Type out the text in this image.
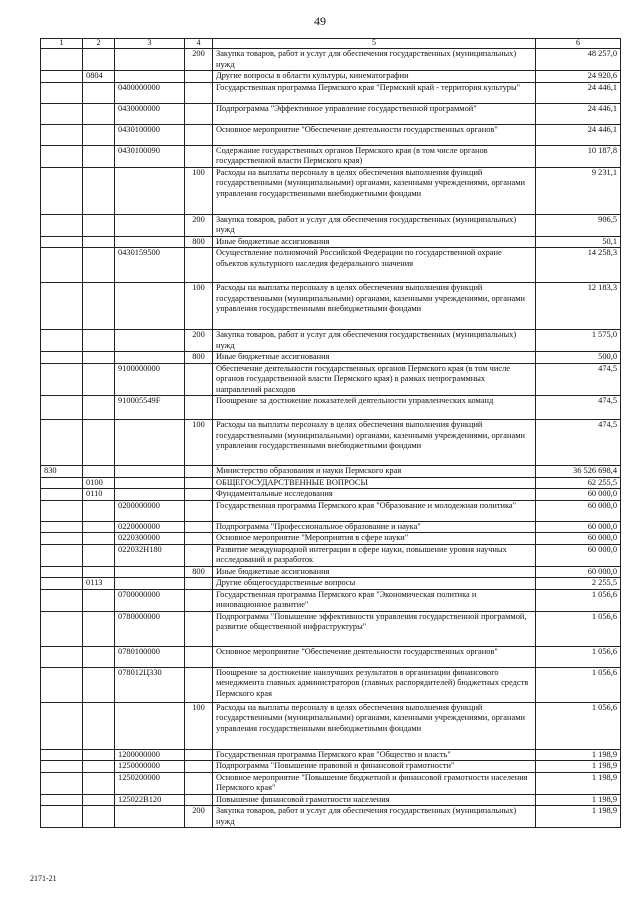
49
1	2	3	4	5	6
			200	Закупка товаров, работ и услуг для обеспечения государственных (муниципальных) нужд	48 257,0
	0804			Другие вопросы в области культуры, кинематографии	24 920,6
		0400000000		Государственная программа Пермского края "Пермский край - территория культуры"	24 446,1
		0430000000		Подпрограмма "Эффективное управление государственной программой"	24 446,1
		0430100000		Основное мероприятие "Обеспечение деятельности государственных органов"	24 446,1
		0430100090		Содержание государственных органов Пермского края (в том числе органов государственной власти Пермского края)	10 187,8
			100	Расходы на выплаты персоналу в целях обеспечения выполнения функций государственными (муниципальными) органами, казенными учреждениями, органами управления государственными внебюджетными фондами	9 231,1
			200	Закупка товаров, работ и услуг для обеспечения государственных (муниципальных) нужд	906,5
			800	Иные бюджетные ассигнования	50,1
		0430159500		Осуществление полномочий Российской Федерации по государственной охране объектов культурного наследия федерального значения	14 258,3
			100	Расходы на выплаты персоналу в целях обеспечения выполнения функций государственными (муниципальными) органами, казенными учреждениями, органами управления государственными внебюджетными фондами	12 183,3
			200	Закупка товаров, работ и услуг для обеспечения государственных (муниципальных) нужд	1 575,0
			800	Иные бюджетные ассигнования	500,0
		9100000000		Обеспечение деятельности государственных органов Пермского края (в том числе органов государственной власти Пермского края) в рамках непрограммных направлений расходов	474,5
		910005549F		Поощрение за достижение показателей деятельности управленческих команд	474,5
			100	Расходы на выплаты персоналу в целях обеспечения выполнения функций государственными (муниципальными) органами, казенными учреждениями, органами управления государственными внебюджетными фондами	474,5
830				Министерство образования и науки Пермского края	36 526 698,4
	0100			ОБЩЕГОСУДАРСТВЕННЫЕ ВОПРОСЫ	62 255,5
	0110			Фундаментальные исследования	60 000,0
		0200000000		Государственная программа Пермского края "Образование и молодежная политика"	60 000,0
		0220000000		Подпрограмма "Профессиональное образование и наука"	60 000,0
		0220300000		Основное мероприятие "Мероприятия в сфере науки"	60 000,0
		022032H180		Развитие международной интеграции в сфере науки, повышение уровня научных исследований и разработок	60 000,0
			800	Иные бюджетные ассигнования	60 000,0
	0113			Другие общегосударственные вопросы	2 255,5
		0700000000		Государственная программа Пермского края "Экономическая политика и инновационное развитие"	1 056,6
		0780000000		Подпрограмма "Повышение эффективности управления государственной программой, развитие общественной инфраструктуры"	1 056,6
		0780100000		Основное мероприятие "Обеспечение деятельности государственных органов"	1 056,6
		078012Ц330		Поощрение за достижение наилучших результатов в организации финансового менеджмента главных администраторов (главных распорядителей) бюджетных средств Пермского края	1 056,6
			100	Расходы на выплаты персоналу в целях обеспечения выполнения функций государственными (муниципальными) органами, казенными учреждениями, органами управления государственными внебюджетными фондами	1 056,6
		1200000000		Государственная программа Пермского края "Общество и власть"	1 198,9
		1250000000		Подпрограмма "Повышение правовой и финансовой грамотности"	1 198,9
		1250200000		Основное мероприятие "Повышение бюджетной и финансовой грамотности населения Пермского края"	1 198,9
		125022В120		Повышение финансовой грамотности населения	1 198,9
			200	Закупка товаров, работ и услуг для обеспечения государственных (муниципальных) нужд	1 198,9
2171-21
